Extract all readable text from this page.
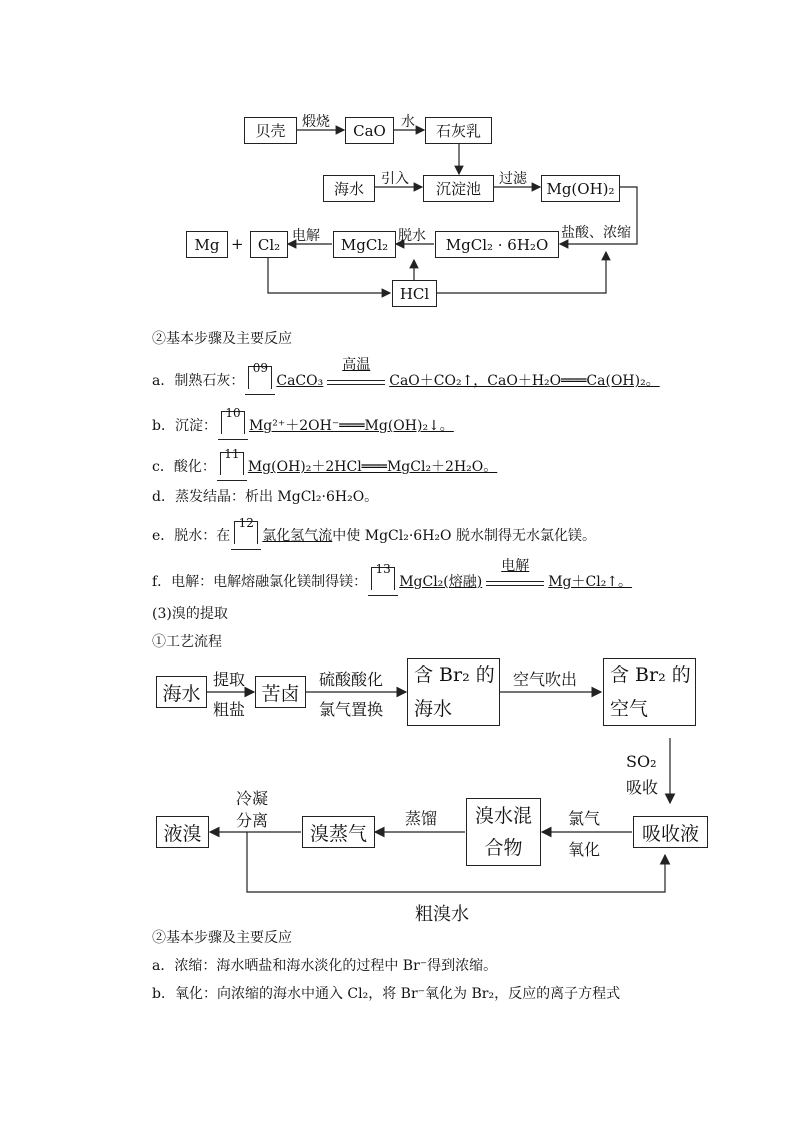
贝壳	CaO	石灰乳
海水	沉淀池	Mg(OH)₂
Mg + Cl₂	MgCl₂	MgCl₂ · 6H₂O
HCl
煅烧	水
引入	过滤
电解	脱水	盐酸、浓缩
②基本步骤及主要反应
a．制熟石灰：
09
CaCO₃
高温
CaO＋CO₂↑，CaO＋H₂O═══Ca(OH)₂。
b．沉淀：
10
Mg²⁺＋2OH⁻═══Mg(OH)₂↓。
c．酸化：
11
Mg(OH)₂＋2HCl═══MgCl₂＋2H₂O。
d．蒸发结晶：析出 MgCl₂·6H₂O。
e．脱水：在
12
氯化氢气流中使 MgCl₂·6H₂O 脱水制得无水氯化镁。
f．电解：电解熔融氯化镁制得镁：
13
MgCl₂(熔融)
电解
Mg＋Cl₂↑。
(3)溴的提取
①工艺流程
海水	苦卤
含 Br₂ 的
海水
含 Br₂ 的
空气
吸收液
溴水混
合物
溴蒸气
液溴
提取
粗盐
硫酸酸化
氯气置换
空气吹出
SO₂
吸收
氯气
氧化
蒸馏
冷凝
分离
粗溴水
②基本步骤及主要反应
a．浓缩：海水晒盐和海水淡化的过程中 Br⁻得到浓缩。
b．氧化：向浓缩的海水中通入 Cl₂，将 Br⁻氧化为 Br₂，反应的离子方程式
